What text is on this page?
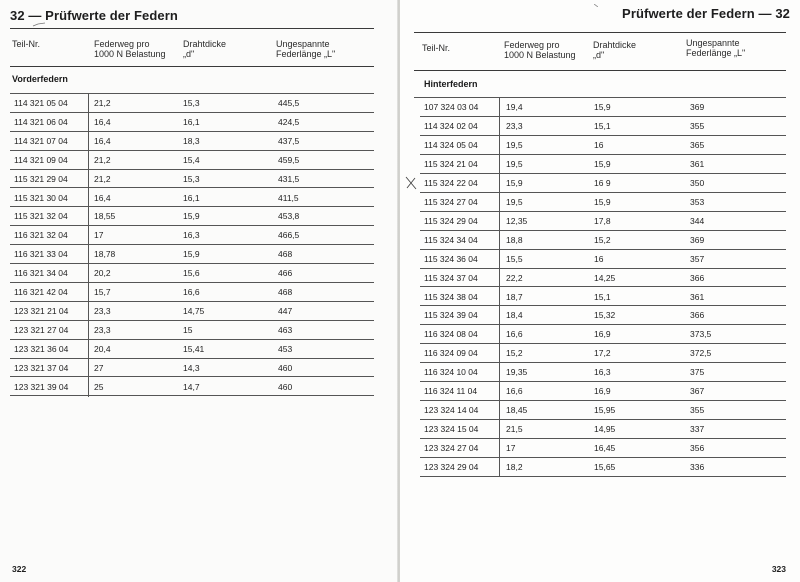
32 — Prüfwerte der Federn
Teil-Nr.	Federweg pro
1000 N Belastung
Drahtdicke
„d"
Ungespannte
Federlänge „L"
Vorderfedern
114 321 05 04	21,2	15,3	445,5
114 321 06 04	16,4	16,1	424,5
114 321 07 04	16,4	18,3	437,5
114 321 09 04	21,2	15,4	459,5
115 321 29 04	21,2	15,3	431,5
115 321 30 04	16,4	16,1	411,5
115 321 32 04	18,55	15,9	453,8
116 321 32 04	17	16,3	466,5
116 321 33 04	18,78	15,9	468
116 321 34 04	20,2	15,6	466
116 321 42 04	15,7	16,6	468
123 321 21 04	23,3	14,75	447
123 321 27 04	23,3	15	463
123 321 36 04	20,4	15,41	453
123 321 37 04	27	14,3	460
123 321 39 04	25	14,7	460
322
Prüfwerte der Federn — 32
Teil-Nr.	Federweg pro
1000 N Belastung
Drahtdicke
„d"
Ungespannte
Federlänge „L"
Hinterfedern
107 324 03 04	19,4	15,9	369
114 324 02 04	23,3	15,1	355
114 324 05 04	19,5	16	365
115 324 21 04	19,5	15,9	361
115 324 22 04	15,9	16 9	350
115 324 27 04	19,5	15,9	353
115 324 29 04	12,35	17,8	344
115 324 34 04	18,8	15,2	369
115 324 36 04	15,5	16	357
115 324 37 04	22,2	14,25	366
115 324 38 04	18,7	15,1	361
115 324 39 04	18,4	15,32	366
116 324 08 04	16,6	16,9	373,5
116 324 09 04	15,2	17,2	372,5
116 324 10 04	19,35	16,3	375
116 324 11 04	16,6	16,9	367
123 324 14 04	18,45	15,95	355
123 324 15 04	21,5	14,95	337
123 324 27 04	17	16,45	356
123 324 29 04	18,2	15,65	336
323
